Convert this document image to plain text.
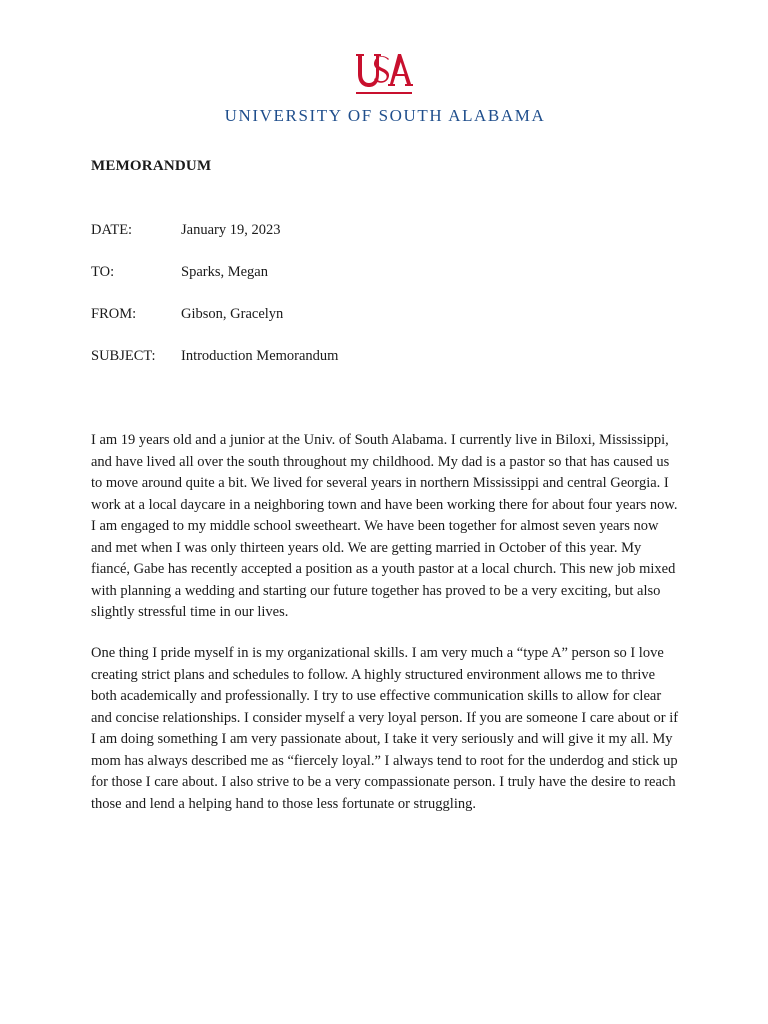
UNIVERSITY OF SOUTH ALABAMA
MEMORANDUM
DATE:	January 19, 2023
TO:	Sparks, Megan
FROM:	Gibson, Gracelyn
SUBJECT: Introduction Memorandum

I am 19 years old and a junior at the Univ. of South Alabama. I currently live in Biloxi, Mississippi, and have lived all over the south throughout my childhood. My dad is a pastor so that has caused us to move around quite a bit. We lived for several years in northern Mississippi and central Georgia. I work at a local daycare in a neighboring town and have been working there for about four years now. I am engaged to my middle school sweetheart. We have been together for almost seven years now and met when I was only thirteen years old. We are getting married in October of this year. My fiancé, Gabe has recently accepted a position as a youth pastor at a local church. This new job mixed with planning a wedding and starting our future together has proved to be a very exciting, but also slightly stressful time in our lives.

One thing I pride myself in is my organizational skills. I am very much a “type A” person so I love creating strict plans and schedules to follow. A highly structured environment allows me to thrive both academically and professionally. I try to use effective communication skills to allow for clear and concise relationships. I consider myself a very loyal person. If you are someone I care about or if I am doing something I am very passionate about, I take it very seriously and will give it my all. My mom has always described me as “fiercely loyal.” I always tend to root for the underdog and stick up for those I care about. I also strive to be a very compassionate person. I truly have the desire to reach those and lend a helping hand to those less fortunate or struggling.
